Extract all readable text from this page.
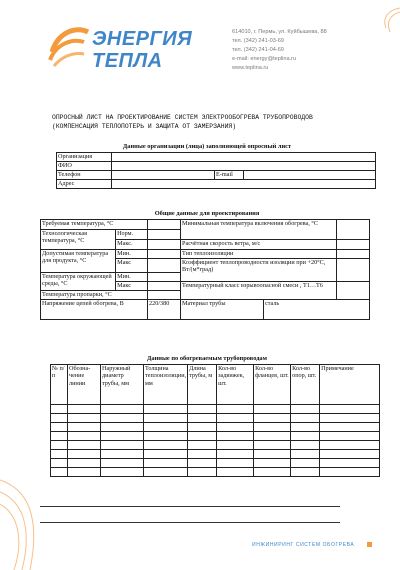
ЭНЕРГИЯ
ТЕПЛА
614010, г. Пермь, ул. Куйбышева, 88
тел. (342) 241-03-69
тел. (342) 241-04-69
e-mail: energy@teplina.ru
www.teplina.ru
ОПРОСНЫЙ ЛИСТ НА ПРОЕКТИРОВАНИЕ СИСТЕМ ЭЛЕКТРООБОГРЕВА ТРУБОПРОВОДОВ (КОМПЕНСАЦИЯ ТЕПЛОПОТЕРЬ И ЗАЩИТА ОТ ЗАМЕРЗАНИЯ)
Данные организации (лица) заполняющей опросный лист
Организация			
ФИО			
Телефон		E-mail	
Адрес			
Общие данные для проектирования
Требуемая температура, °С			Минимальная температура включения обогрева, °С		
Технологическая температура, °С	Норм.				
	Макс.		Расчётная скорость ветра, м/с		
Допустимая температура для продукта, °С	Мин.		Тип теплоизоляции		
	Макс		Коэффициент теплопроводности изоляции при +20°С, Вт/(м*град)		
Температура окружающей среды, °С	Мин.				
	Макс		Температурный класс взрывоопасной смеси , Т1…Т6		
Температура пропарки, °С					
Напряжение цепей обогрева, В		220/380	Материал трубы	сталь	
Данные по обогреваемым трубопроводам
№ п/п	Обозна-чение линии	Наружный диаметр трубы, мм	Толщина теплоизоляции, мм	Длина трубы, м	Кол-во задвижек, шт.	Кол-во фланцев, шт.	Кол-во опор, шт.	Примечание

ИНЖИНИРИНГ СИСТЕМ ОБОГРЕВА
